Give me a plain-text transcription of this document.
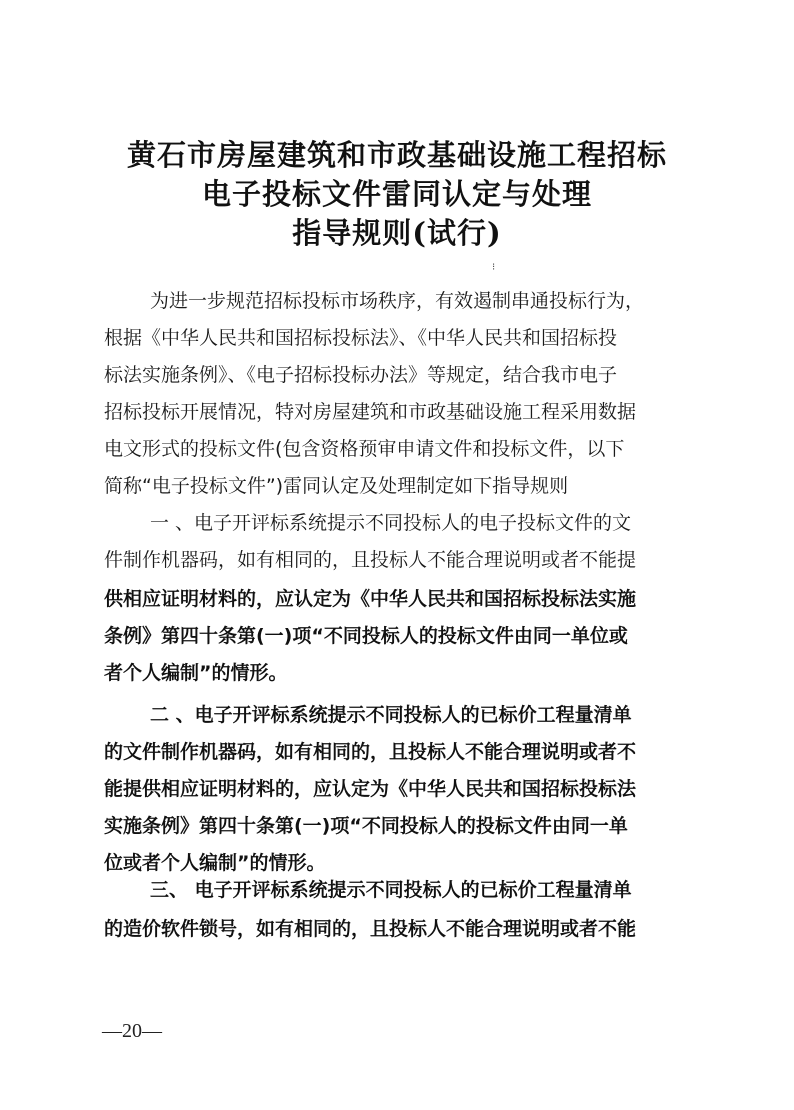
黄石市房屋建筑和市政基础设施工程招标
电子投标文件雷同认定与处理
指导规则(试行)
⁝
为进一步规范招标投标市场秩序，有效遏制串通投标行为，
根据《中华人民共和国招标投标法》、《中华人民共和国招标投
标法实施条例》、《电子招标投标办法》等规定，结合我市电子
招标投标开展情况，特对房屋建筑和市政基础设施工程采用数据
电文形式的投标文件(包含资格预审申请文件和投标文件，以下
简称“电子投标文件”)雷同认定及处理制定如下指导规则
一 、电子开评标系统提示不同投标人的电子投标文件的文
件制作机器码，如有相同的，且投标人不能合理说明或者不能提
供相应证明材料的，应认定为《中华人民共和国招标投标法实施
条例》第四十条第(一)项“不同投标人的投标文件由同一单位或
者个人编制”的情形。
二 、电子开评标系统提示不同投标人的已标价工程量清单
的文件制作机器码，如有相同的，且投标人不能合理说明或者不
能提供相应证明材料的，应认定为《中华人民共和国招标投标法
实施条例》第四十条第(一)项“不同投标人的投标文件由同一单
位或者个人编制”的情形。
三、 电子开评标系统提示不同投标人的已标价工程量清单
的造价软件锁号，如有相同的，且投标人不能合理说明或者不能
—20—
